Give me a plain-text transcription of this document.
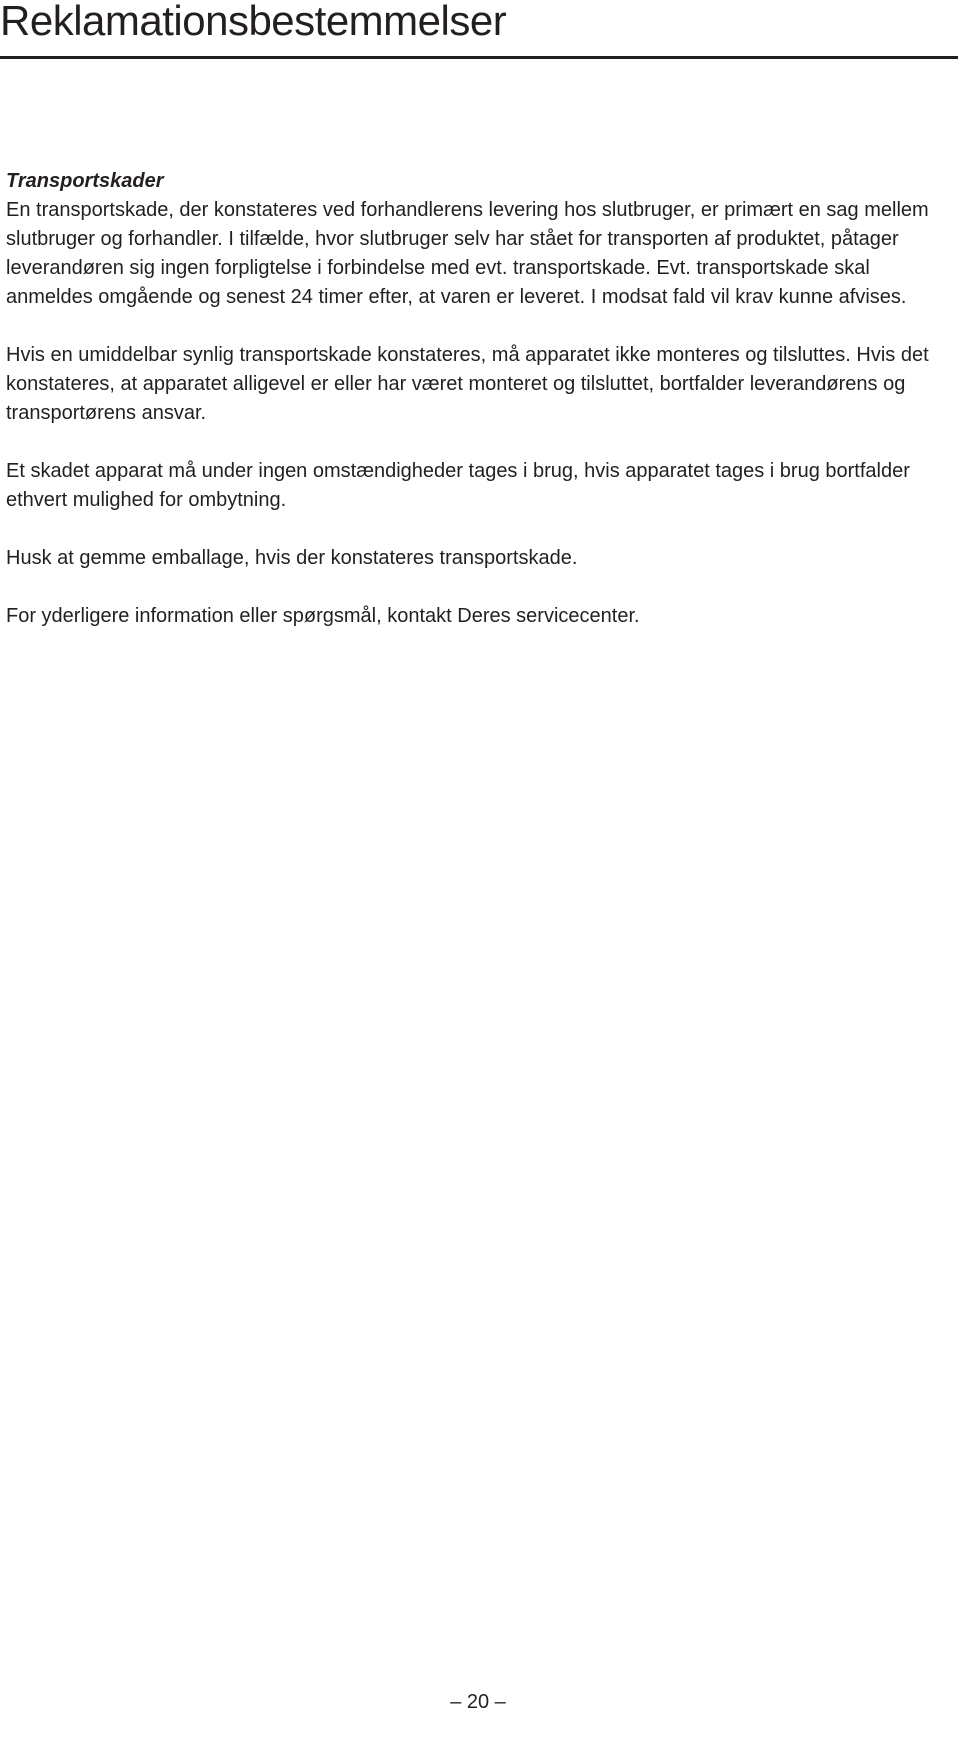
Reklamationsbestemmelser
Transportskader

En transportskade, der konstateres ved forhandlerens levering hos slutbruger, er primært en sag mellem slutbruger og forhandler. I tilfælde, hvor slutbruger selv har stået for transporten af produktet, påtager leverandøren sig ingen forpligtelse i forbindelse med evt. transportskade. Evt. transportskade skal anmeldes omgående og senest 24 timer efter, at varen er leveret. I modsat fald vil krav kunne afvises.

Hvis en umiddelbar synlig transportskade konstateres, må apparatet ikke monteres og tilsluttes. Hvis det konstateres, at apparatet alligevel er eller har været monteret og tilsluttet, bortfalder leverandørens og transportørens ansvar.

Et skadet apparat må under ingen omstændigheder tages i brug, hvis apparatet tages i brug bortfalder ethvert mulighed for ombytning.

Husk at gemme emballage, hvis der konstateres transportskade.

For yderligere information eller spørgsmål, kontakt Deres servicecenter.

– 20 –
